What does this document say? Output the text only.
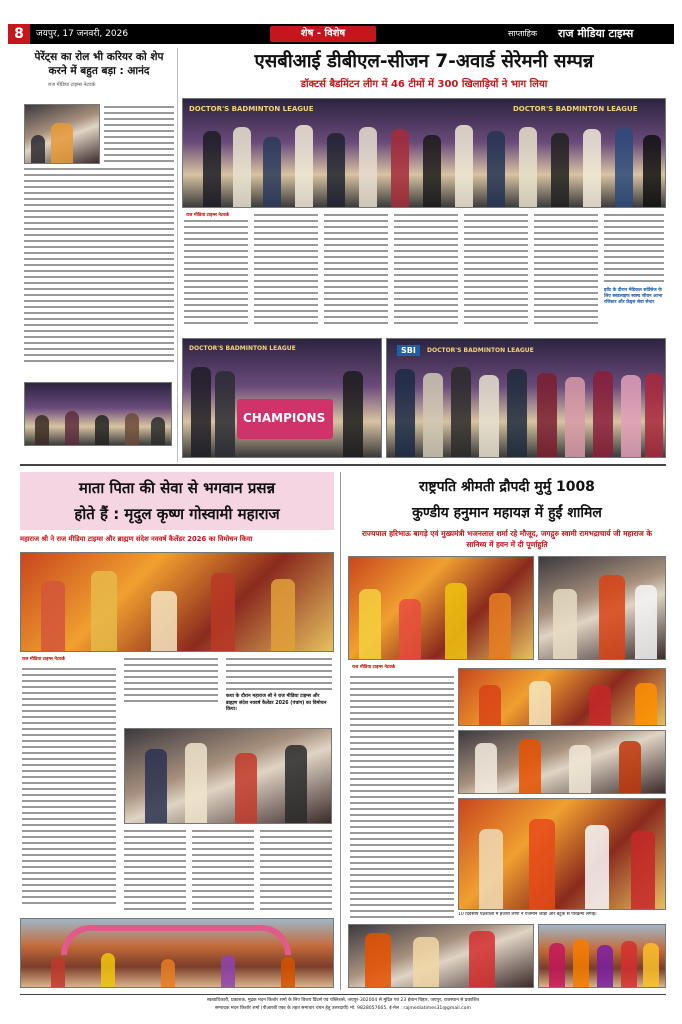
8	जयपुर, 17 जनवरी, 2026	शेष - विशेष	साप्ताहिक राज मीडिया टाइम्स
पेरेंट्स का रोल भी करियर को शेप करने में बहुत बड़ा : आनंद
राज मीडिया टाइम्स नेटवर्क
एसबीआई डीबीएल-सीजन 7-अवार्ड सेरेमनी सम्पन्न
डॉक्टर्स बैडमिंटन लीग में 46 टीमों में 300 खिलाड़ियों ने भाग लिया
DOCTOR'S BADMINTON LEAGUE	DOCTOR'S BADMINTON LEAGUE
राज मीडिया टाइम्स नेटवर्क
इवेंट के दौरान मेडिकल सर्विसेज के लिए ब्लडलाइफ स्वस्थ जीवन आभा रजिस्टर और फ्रेंड्स सेवा सेन्टर
CHAMPIONS
DOCTOR'S BADMINTON LEAGUE	SBI	DOCTOR'S BADMINTON LEAGUE
माता पिता की सेवा से भगवान प्रसन्न
होते हैं : मृदुल कृष्ण गोस्वामी महाराज
महाराज श्री ने राज मीडिया टाइम्स और ब्राह्मण संदेश नववर्ष कैलेंडर 2026 का विमोचन किया
राज मीडिया टाइम्स नेटवर्क
कथा के दौरान महाराज श्री ने राज मीडिया टाइम्स और ब्राह्मण संदेश नववर्ष कैलेंडर 2026 (पंचांग) का विमोचन किया।
राष्ट्रपति श्रीमती द्रौपदी मुर्मु 1008
कुण्डीय हनुमान महायज्ञ में हुईं शामिल
राज्यपाल हरिभाऊ बागड़े एवं मुख्यमंत्री भजनलाल शर्मा रहे मौजूद, जगद्गुरु स्वामी रामभद्राचार्य जी महाराज के सानिध्य में हवन में दी पूर्णाहुति
राज मीडिया टाइम्स नेटवर्क
10 दिवसीय यज्ञशाला में हजारों लोगों ने यजमान जोड़ों और बटुक से परिक्रमा लगाई।
स्वत्वाधिकारी, प्रकाशक, मुद्रक मदन किशोर शर्मा के लिए विजय प्रिंटर्स एवं पब्लिशर्स, जयपुर-302004 से मुद्रित एवं 23 ईशान विहार, जयपुर, राजस्थान से प्रकाशित
सम्पादक मदन किशोर शर्मा (पीआरबी एक्ट के तहत समाचार चयन हेतु उत्तरदायी) मो. 9828057665, ई-मेल : rajmediatimes31@gmail.com
